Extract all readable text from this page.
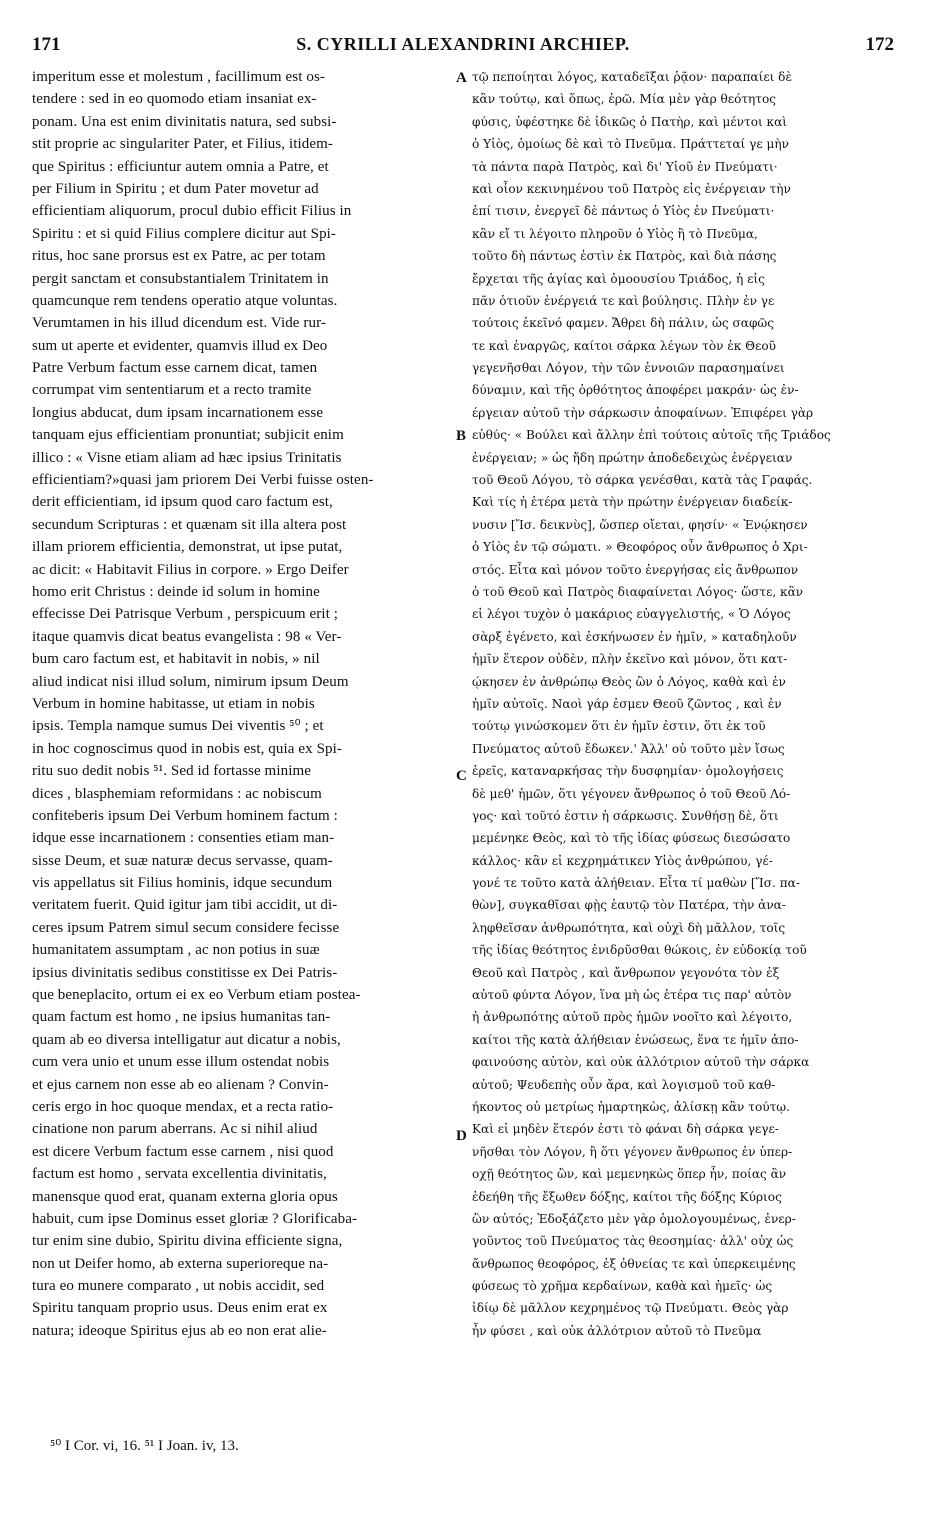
171	S. CYRILLI ALEXANDRINI ARCHIEP.	172
imperitum esse et molestum , facillimum est os-
tendere : sed in eo quomodo etiam insaniat ex-
ponam. Una est enim divinitatis natura, sed subsi-
stit proprie ac singulariter Pater, et Filius, itidem-
que Spiritus : efficiuntur autem omnia a Patre, et
per Filium in Spiritu ; et dum Pater movetur ad
efficientiam aliquorum, procul dubio efficit Filius in
Spiritu : et si quid Filius complere dicitur aut Spi-
ritus, hoc sane prorsus est ex Patre, ac per totam
pergit sanctam et consubstantialem Trinitatem in
quamcunque rem tendens operatio atque voluntas.
Verumtamen in his illud dicendum est. Vide rur-
sum ut aperte et evidenter, quamvis illud ex Deo
Patre Verbum factum esse carnem dicat, tamen
corrumpat vim sententiarum et a recto tramite
longius abducat, dum ipsam incarnationem esse
tanquam ejus efficientiam pronuntiat; subjicit enim
illico : « Visne etiam aliam ad hæc ipsius Trinitatis
efficientiam?»quasi jam priorem Dei Verbi fuisse osten-
derit efficientiam, id ipsum quod caro factum est,
secundum Scripturas : et quænam sit illa altera post
illam priorem efficientia, demonstrat, ut ipse putat,
ac dicit: « Habitavit Filius in corpore. » Ergo Deifer
homo erit Christus : deinde id solum in homine
effecisse Dei Patrisque Verbum , perspicuum erit ;
itaque quamvis dicat beatus evangelista : 98 « Ver-
bum caro factum est, et habitavit in nobis, » nil
aliud indicat nisi illud solum, nimirum ipsum Deum
Verbum in homine habitasse, ut etiam in nobis
ipsis. Templa namque sumus Dei viventis ⁵⁰ ; et
in hoc cognoscimus quod in nobis est, quia ex Spi-
ritu suo dedit nobis ⁵¹. Sed id fortasse minime
dices , blasphemiam reformidans : ac nobiscum
confiteberis ipsum Dei Verbum hominem factum :
idque esse incarnationem : consenties etiam man-
sisse Deum, et suæ naturæ decus servasse, quam-
vis appellatus sit Filius hominis, idque secundum
veritatem fuerit. Quid igitur jam tibi accidit, ut di-
ceres ipsum Patrem simul secum considere fecisse
humanitatem assumptam , ac non potius in suæ
ipsius divinitatis sedibus constitisse ex Dei Patris-
que beneplacito, ortum ei ex eo Verbum etiam postea-
quam factum est homo , ne ipsius humanitas tan-
quam ab eo diversa intelligatur aut dicatur a nobis,
cum vera unio et unum esse illum ostendat nobis
et ejus carnem non esse ab eo alienam ? Convin-
ceris ergo in hoc quoque mendax, et a recta ratio-
cinatione non parum aberrans. Ac si nihil aliud
est dicere Verbum factum esse carnem , nisi quod
factum est homo , servata excellentia divinitatis,
manensque quod erat, quanam externa gloria opus
habuit, cum ipse Dominus esset gloriæ ? Glorificaba-
tur enim sine dubio, Spiritu divina efficiente signa,
non ut Deifer homo, ab externa superioreque na-
tura eo munere comparato , ut nobis accidit, sed
Spiritu tanquam proprio usus. Deus enim erat ex
natura; ideoque Spiritus ejus ab eo non erat alie-
τῷ πεποίηται λόγος, καταδεῖξαι ῥᾷον· παραπαίει δὲ
κἂν τούτῳ, καὶ ὅπως, ἐρῶ. Μία μὲν γὰρ θεότητος
φύσις, ὑφέστηκε δὲ ἰδικῶς ὁ Πατὴρ, καὶ μέντοι καὶ
ὁ Υἱὸς, ὁμοίως δὲ καὶ τὸ Πνεῦμα. Πράττεταί γε μὴν
τὰ πάντα παρὰ Πατρὸς, καὶ δι' Υἱοῦ ἐν Πνεύματι·
καὶ οἷον κεκινημένου τοῦ Πατρὸς εἰς ἐνέργειαν τὴν
ἐπί τισιν, ἐνεργεῖ δὲ πάντως ὁ Υἱὸς ἐν Πνεύματι·
κἂν εἴ τι λέγοιτο πληροῦν ὁ Υἱὸς ἢ τὸ Πνεῦμα,
τοῦτο δὴ πάντως ἐστὶν ἐκ Πατρὸς, καὶ διὰ πάσης
ἔρχεται τῆς ἁγίας καὶ ὁμοουσίου Τριάδος, ἡ εἰς
πᾶν ὁτιοῦν ἐνέργειά τε καὶ βούλησις. Πλὴν ἐν γε
τούτοις ἐκεῖνό φαμεν. Ἄθρει δὴ πάλιν, ὡς σαφῶς
τε καὶ ἐναργῶς, καίτοι σάρκα λέγων τὸν ἐκ Θεοῦ
γεγενῆσθαι Λόγον, τὴν τῶν ἐννοιῶν παρασημαίνει
δύναμιν, καὶ τῆς ὀρθότητος ἀποφέρει μακράν· ὡς ἐν-
έργειαν αὐτοῦ τὴν σάρκωσιν ἀποφαίνων. Ἐπιφέρει γὰρ
εὐθύς· « Βούλει καὶ ἄλλην ἐπὶ τούτοις αὐτοῖς τῆς Τριάδος
ἐνέργειαν; » ὡς ἤδη πρώτην ἀποδεδειχὼς ἐνέργειαν
τοῦ Θεοῦ Λόγου, τὸ σάρκα γενέσθαι, κατὰ τὰς Γραφάς.
Καὶ τίς ἡ ἑτέρα μετὰ τὴν πρώτην ἐνέργειαν διαδείκ-
νυσιν [Ἴσ. δεικνὺς], ὥσπερ οἴεται, φησίν· « Ἐνῴκησεν
ὁ Υἱὸς ἐν τῷ σώματι. » Θεοφόρος οὖν ἄνθρωπος ὁ Χρι-
στός. Εἶτα καὶ μόνον τοῦτο ἐνεργήσας εἰς ἄνθρωπον
ὁ τοῦ Θεοῦ καὶ Πατρὸς διαφαίνεται Λόγος· ὥστε, κἂν
εἰ λέγοι τυχὸν ὁ μακάριος εὐαγγελιστής, « Ὁ Λόγος
σὰρξ ἐγένετο, καὶ ἐσκήνωσεν ἐν ἡμῖν, » καταδηλοῦν
ἡμῖν ἕτερον οὐδὲν, πλὴν ἐκεῖνο καὶ μόνον, ὅτι κατ-
ῴκησεν ἐν ἀνθρώπῳ Θεὸς ὢν ὁ Λόγος, καθὰ καὶ ἐν
ἡμῖν αὐτοῖς. Ναοὶ γάρ ἐσμεν Θεοῦ ζῶντος , καὶ ἐν
τούτῳ γινώσκομεν ὅτι ἐν ἡμῖν ἐστιν, ὅτι ἐκ τοῦ
Πνεύματος αὐτοῦ ἔδωκεν.' Ἀλλ' οὐ τοῦτο μὲν ἴσως
ἐρεῖς, καταναρκήσας τὴν δυσφημίαν· ὁμολογήσεις
δὲ μεθ' ἡμῶν, ὅτι γέγονεν ἄνθρωπος ὁ τοῦ Θεοῦ Λό-
γος· καὶ τοῦτό ἐστιν ἡ σάρκωσις. Συνθήσῃ δὲ, ὅτι
μεμένηκε Θεὸς, καὶ τὸ τῆς ἰδίας φύσεως διεσώσατο
κάλλος· κἂν εἰ κεχρημάτικεν Υἱὸς ἀνθρώπου, γέ-
γονέ τε τοῦτο κατὰ ἀλήθειαν. Εἶτα τί μαθὼν [Ἴσ. πα-
θὼν], συγκαθῖσαι φῂς ἑαυτῷ τὸν Πατέρα, τὴν ἀνα-
ληφθεῖσαν ἀνθρωπότητα, καὶ οὐχὶ δὴ μᾶλλον, τοῖς
τῆς ἰδίας θεότητος ἐνιδρῦσθαι θώκοις, ἐν εὐδοκίᾳ τοῦ
Θεοῦ καὶ Πατρὸς , καὶ ἄνθρωπον γεγονότα τὸν ἐξ
αὐτοῦ φύντα Λόγον, ἵνα μὴ ὡς ἑτέρα τις παρ' αὐτὸν
ἡ ἀνθρωπότης αὐτοῦ πρὸς ἡμῶν νοοῖτο καὶ λέγοιτο,
καίτοι τῆς κατὰ ἀλήθειαν ἑνώσεως, ἕνα τε ἡμῖν ἀπο-
φαινούσης αὐτὸν, καὶ οὐκ ἀλλότριον αὐτοῦ τὴν σάρκα
αὐτοῦ; Ψευδεπὴς οὖν ἄρα, καὶ λογισμοῦ τοῦ καθ-
ήκοντος οὐ μετρίως ἡμαρτηκὼς, ἁλίσκῃ κἂν τούτῳ.
Καὶ εἰ μηδὲν ἕτερόν ἐστι τὸ φάναι δὴ σάρκα γεγε-
νῆσθαι τὸν Λόγον, ἢ ὅτι γέγονεν ἄνθρωπος ἐν ὑπερ-
οχῇ θεότητος ὢν, καὶ μεμενηκὼς ὅπερ ἦν, ποίας ἂν
ἐδεήθη τῆς ἔξωθεν δόξης, καίτοι τῆς δόξης Κύριος
ὢν αὐτός; Ἐδοξάζετο μὲν γὰρ ὁμολογουμένως, ἐνερ-
γοῦντος τοῦ Πνεύματος τὰς θεοσημίας· ἀλλ' οὐχ ὡς
ἄνθρωπος θεοφόρος, ἐξ ὀθνείας τε καὶ ὑπερκειμένης
φύσεως τὸ χρῆμα κερδαίνων, καθὰ καὶ ἡμεῖς· ὡς
ἰδίῳ δὲ μᾶλλον κεχρημένος τῷ Πνεύματι. Θεὸς γὰρ
ἦν φύσει , καὶ οὐκ ἀλλότριον αὐτοῦ τὸ Πνεῦμα
A
B
C
D
⁵⁰ I Cor. vi, 16. ⁵¹ I Joan. iv, 13.
